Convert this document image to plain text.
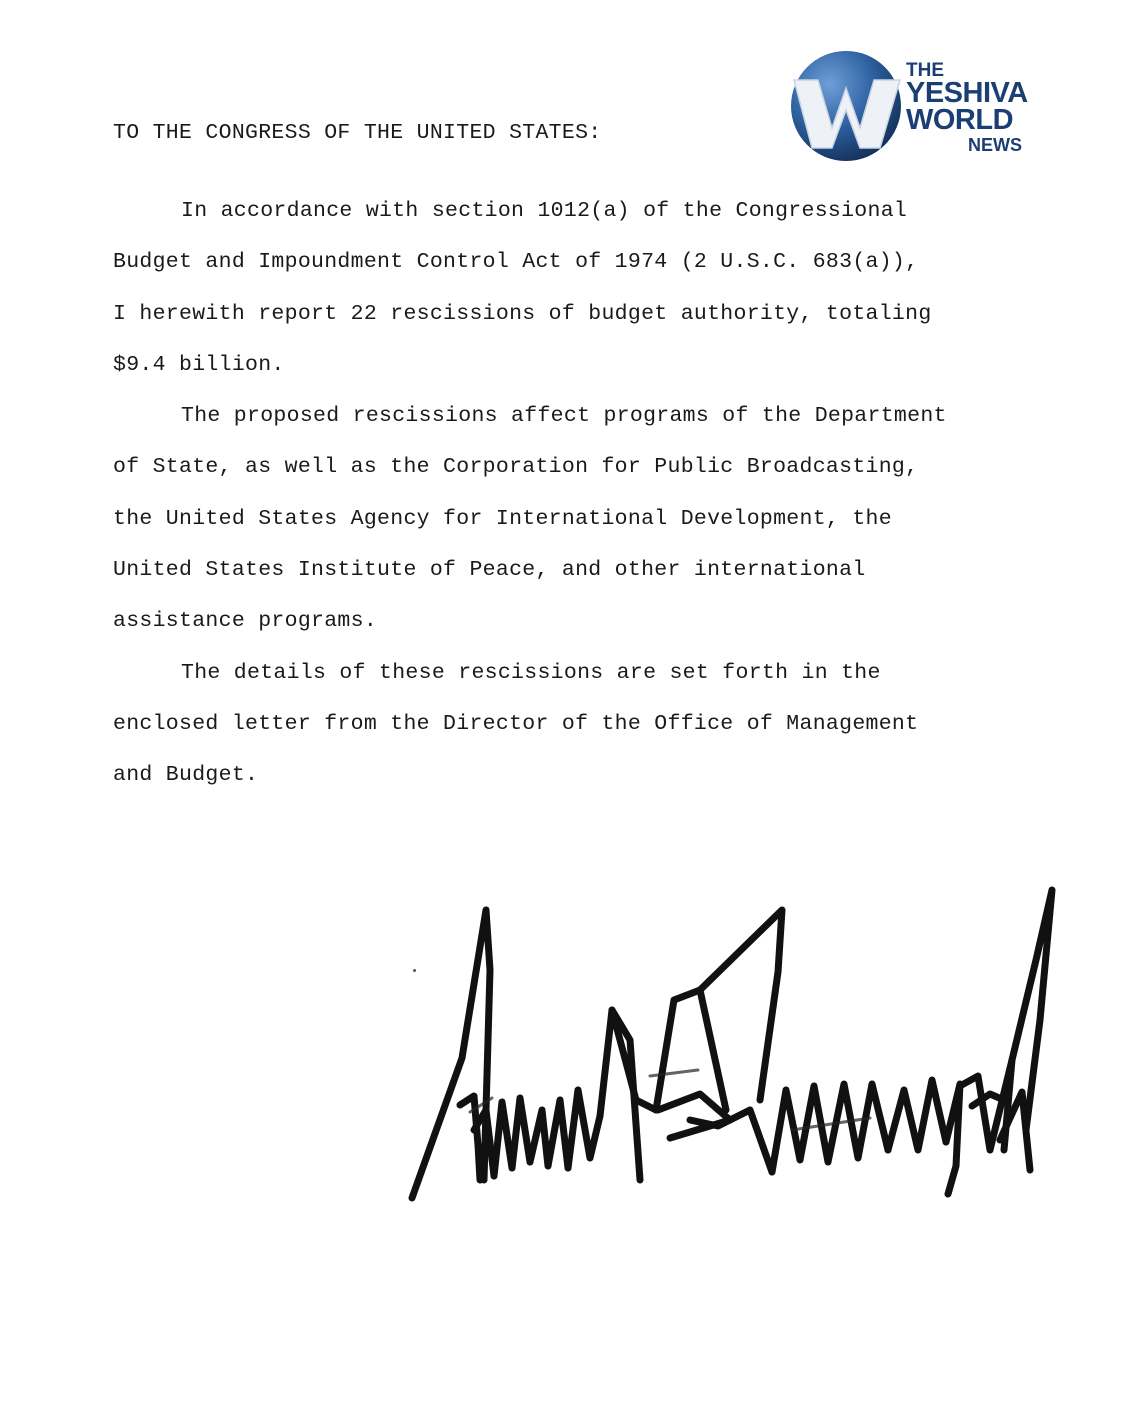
THE
YESHIVA
WORLD
NEWS
TO THE CONGRESS OF THE UNITED STATES:
In accordance with section 1012(a) of the Congressional
Budget and Impoundment Control Act of 1974 (2 U.S.C. 683(a)),
I herewith report 22 rescissions of budget authority, totaling
$9.4 billion.
The proposed rescissions affect programs of the Department
of State, as well as the Corporation for Public Broadcasting,
the United States Agency for International Development, the
United States Institute of Peace, and other international
assistance programs.
The details of these rescissions are set forth in the
enclosed letter from the Director of the Office of Management
and Budget.
